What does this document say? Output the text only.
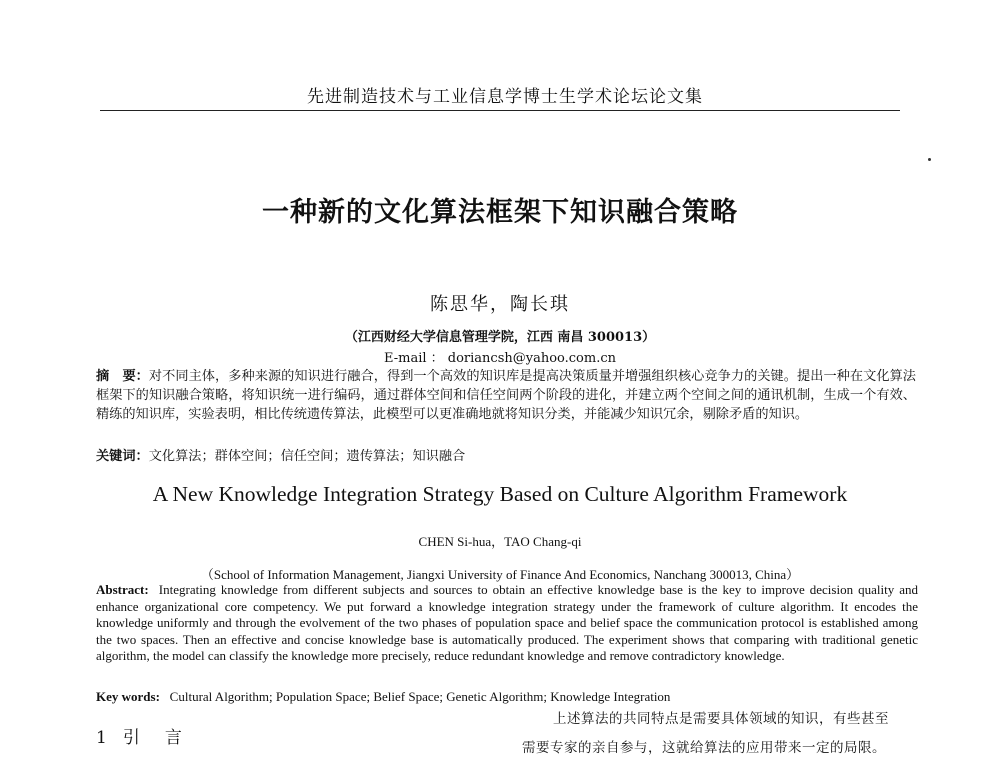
先进制造技术与工业信息学博士生学术论坛论文集
一种新的文化算法框架下知识融合策略
陈思华，陶长琪
（江西财经大学信息管理学院，江西 南昌 300013）
E-mail ： doriancsh@yahoo.com.cn
摘　要：对不同主体，多种来源的知识进行融合，得到一个高效的知识库是提高决策质量并增强组织核心竞争力的关键。提出一种在文化算法框架下的知识融合策略，将知识统一进行编码，通过群体空间和信任空间两个阶段的进化，并建立两个空间之间的通讯机制，生成一个有效、精练的知识库，实验表明，相比传统遗传算法，此模型可以更准确地就将知识分类，并能减少知识冗余，剔除矛盾的知识。
关键词：文化算法；群体空间；信任空间；遗传算法；知识融合
A New Knowledge Integration Strategy Based on Culture Algorithm Framework
CHEN Si-hua，TAO Chang-qi
（School of Information Management, Jiangxi University of Finance And Economics, Nanchang 300013, China）
Abstract: Integrating knowledge from different subjects and sources to obtain an effective knowledge base is the key to improve decision quality and enhance organizational core competency. We put forward a knowledge integration strategy under the framework of culture algorithm. It encodes the knowledge uniformly and through the evolvement of the two phases of population space and belief space the communication protocol is established among the two spaces. Then an effective and concise knowledge base is automatically produced. The experiment shows that comparing with traditional genetic algorithm, the model can classify the knowledge more precisely, reduce redundant knowledge and remove contradictory knowledge.
Key words: Cultural Algorithm; Population Space; Belief Space; Genetic Algorithm; Knowledge Integration
1 引　言
上述算法的共同特点是需要具体领域的知识，有些甚至
需要专家的亲自参与，这就给算法的应用带来一定的局限。
